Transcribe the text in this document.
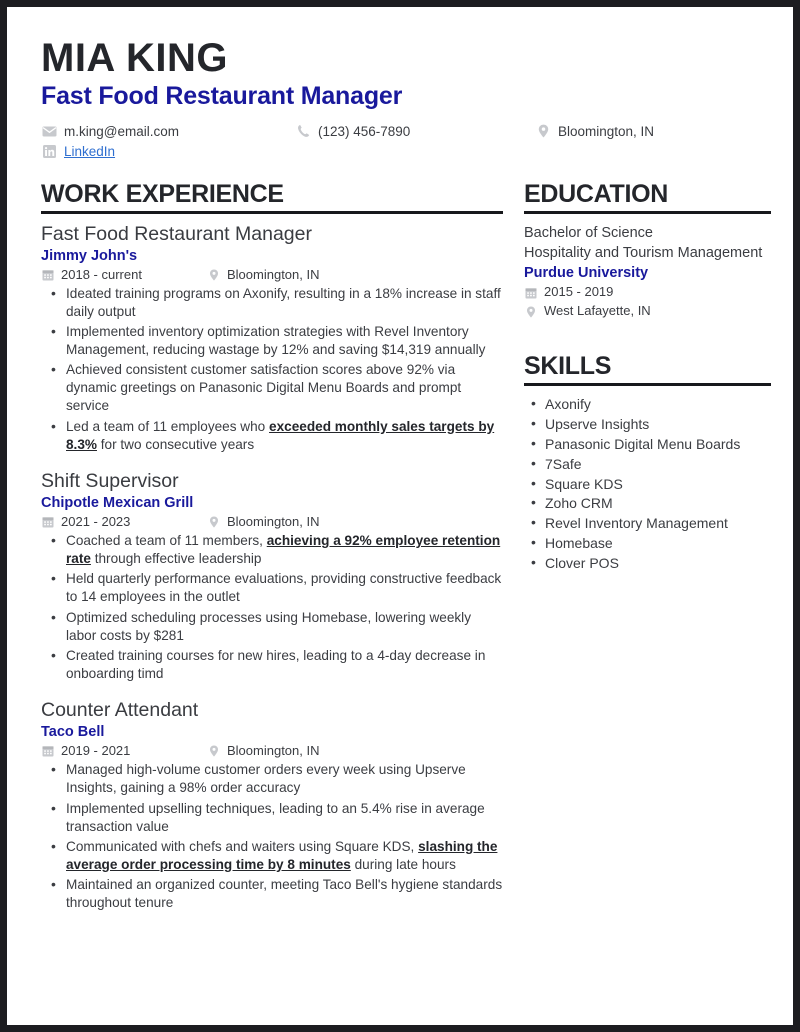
MIA KING
Fast Food Restaurant Manager
m.king@email.com	(123) 456-7890	Bloomington, IN
LinkedIn
WORK EXPERIENCE
Fast Food Restaurant Manager
Jimmy John's
2018 - current	Bloomington, IN
• Ideated training programs on Axonify, resulting in a 18% increase in staff daily output
• Implemented inventory optimization strategies with Revel Inventory Management, reducing wastage by 12% and saving $14,319 annually
• Achieved consistent customer satisfaction scores above 92% via dynamic greetings on Panasonic Digital Menu Boards and prompt service
• Led a team of 11 employees who exceeded monthly sales targets by 8.3% for two consecutive years
Shift Supervisor
Chipotle Mexican Grill
2021 - 2023	Bloomington, IN
• Coached a team of 11 members, achieving a 92% employee retention rate through effective leadership
• Held quarterly performance evaluations, providing constructive feedback to 14 employees in the outlet
• Optimized scheduling processes using Homebase, lowering weekly labor costs by $281
• Created training courses for new hires, leading to a 4-day decrease in onboarding timd
Counter Attendant
Taco Bell
2019 - 2021	Bloomington, IN
• Managed high-volume customer orders every week using Upserve Insights, gaining a 98% order accuracy
• Implemented upselling techniques, leading to an 5.4% rise in average transaction value
• Communicated with chefs and waiters using Square KDS, slashing the average order processing time by 8 minutes during late hours
• Maintained an organized counter, meeting Taco Bell's hygiene standards throughout tenure
EDUCATION
Bachelor of Science
Hospitality and Tourism Management
Purdue University
2015 - 2019
West Lafayette, IN
SKILLS
• Axonify
• Upserve Insights
• Panasonic Digital Menu Boards
• 7Safe
• Square KDS
• Zoho CRM
• Revel Inventory Management
• Homebase
• Clover POS
